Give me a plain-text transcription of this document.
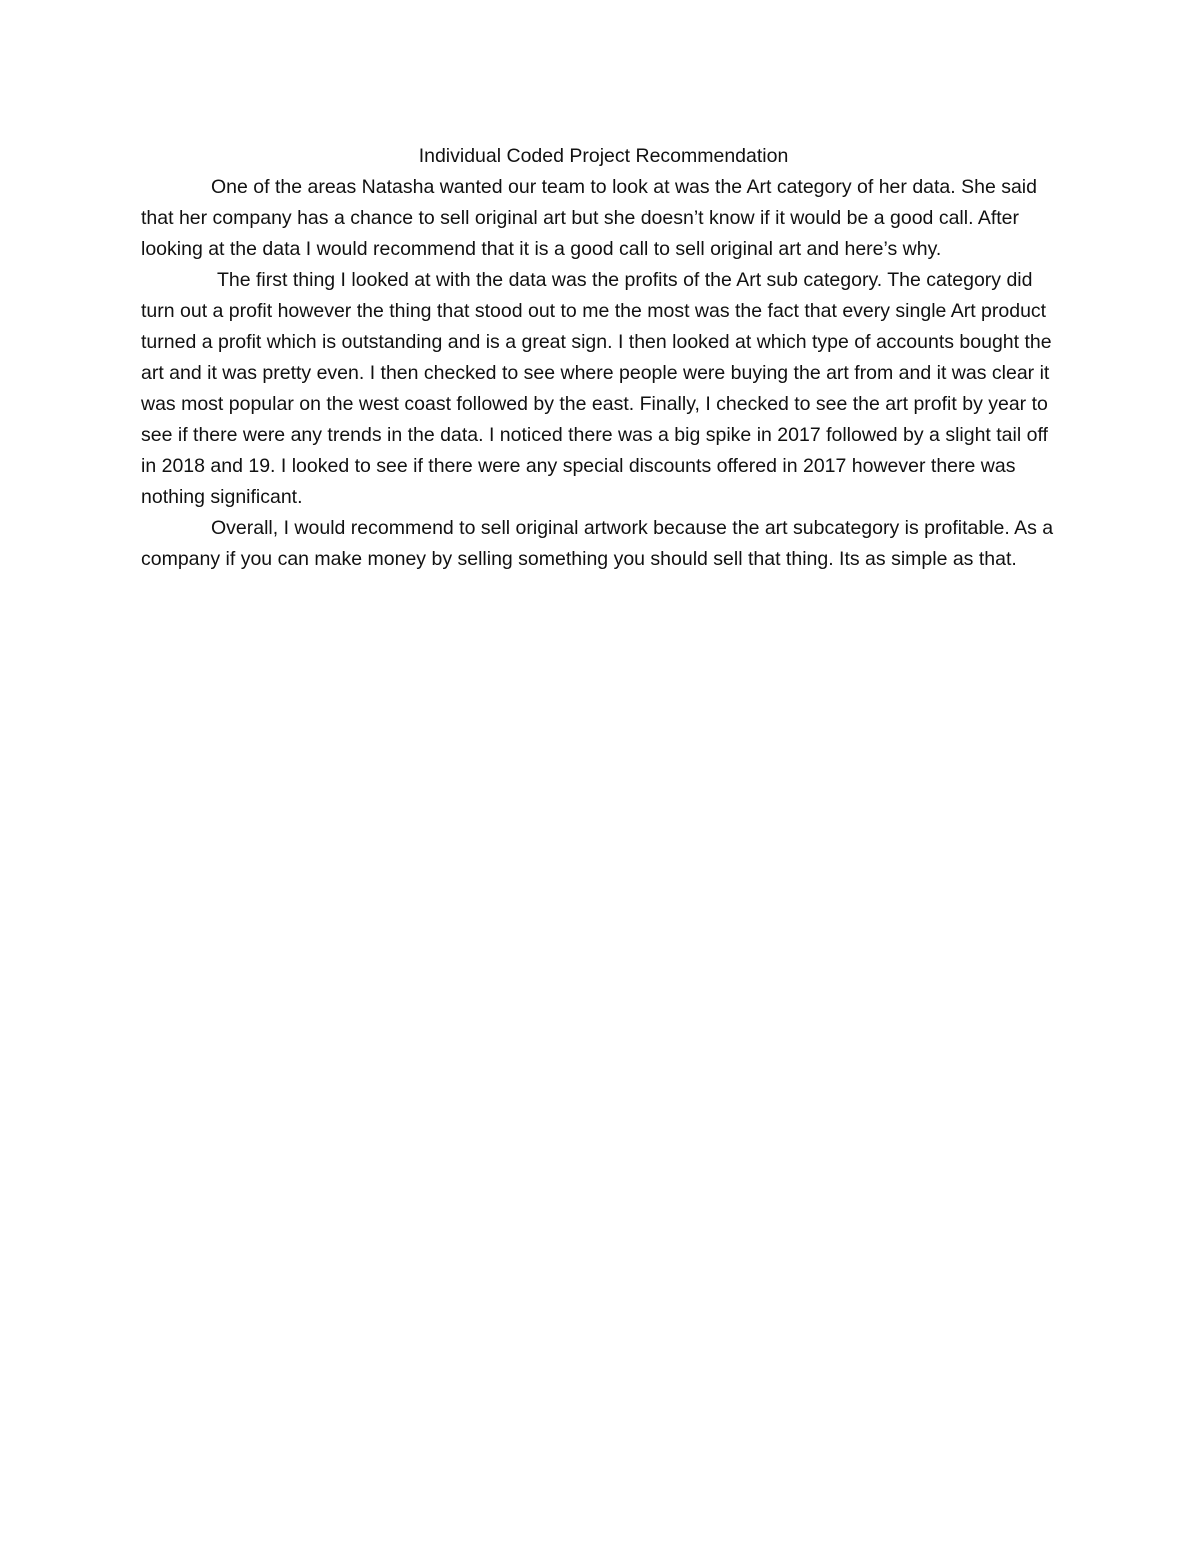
Individual Coded Project Recommendation

One of the areas Natasha wanted our team to look at was the Art category of her data. She said that her company has a chance to sell original art but she doesn’t know if it would be a good call. After looking at the data I would recommend that it is a good call to sell original art and here’s why.

The first thing I looked at with the data was the profits of the Art sub category. The category did turn out a profit however the thing that stood out to me the most was the fact that every single Art product turned a profit which is outstanding and is a great sign. I then looked at which type of accounts bought the art and it was pretty even. I then checked to see where people were buying the art from and it was clear it was most popular on the west coast followed by the east. Finally, I checked to see the art profit by year to see if there were any trends in the data. I noticed there was a big spike in 2017 followed by a slight tail off in 2018 and 19. I looked to see if there were any special discounts offered in 2017 however there was nothing significant.

Overall, I would recommend to sell original artwork because the art subcategory is profitable. As a company if you can make money by selling something you should sell that thing. Its as simple as that.
